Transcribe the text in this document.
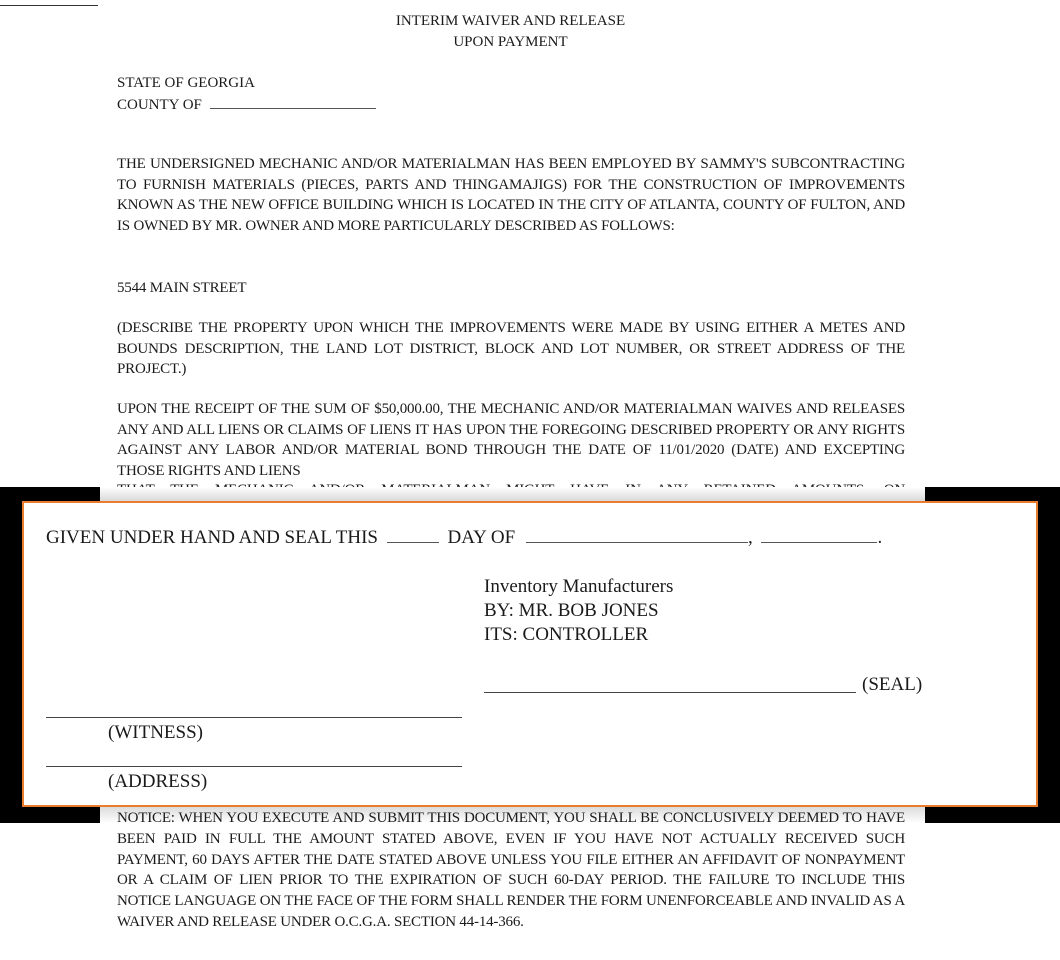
INTERIM WAIVER AND RELEASE
UPON PAYMENT
STATE OF GEORGIA
COUNTY OF
THE UNDERSIGNED MECHANIC AND/OR MATERIALMAN HAS BEEN EMPLOYED BY SAMMY'S SUBCONTRACTING TO FURNISH MATERIALS (PIECES, PARTS AND THINGAMAJIGS) FOR THE CONSTRUCTION OF IMPROVEMENTS KNOWN AS THE NEW OFFICE BUILDING WHICH IS LOCATED IN THE CITY OF ATLANTA, COUNTY OF FULTON, AND IS OWNED BY MR. OWNER AND MORE PARTICULARLY DESCRIBED AS FOLLOWS:
5544 MAIN STREET
(DESCRIBE THE PROPERTY UPON WHICH THE IMPROVEMENTS WERE MADE BY USING EITHER A METES AND BOUNDS DESCRIPTION, THE LAND LOT DISTRICT, BLOCK AND LOT NUMBER, OR STREET ADDRESS OF THE PROJECT.)
UPON THE RECEIPT OF THE SUM OF $50,000.00, THE MECHANIC AND/OR MATERIALMAN WAIVES AND RELEASES ANY AND ALL LIENS OR CLAIMS OF LIENS IT HAS UPON THE FOREGOING DESCRIBED PROPERTY OR ANY RIGHTS AGAINST ANY LABOR AND/OR MATERIAL BOND THROUGH THE DATE OF 11/01/2020 (DATE) AND EXCEPTING THOSE RIGHTS AND LIENS
GIVEN UNDER HAND AND SEAL THIS	DAY OF	,	.
Inventory Manufacturers
BY: MR. BOB JONES
ITS: CONTROLLER
(SEAL)
(WITNESS)
(ADDRESS)
NOTICE: WHEN YOU EXECUTE AND SUBMIT THIS DOCUMENT, YOU SHALL BE CONCLUSIVELY DEEMED TO HAVE BEEN PAID IN FULL THE AMOUNT STATED ABOVE, EVEN IF YOU HAVE NOT ACTUALLY RECEIVED SUCH PAYMENT, 60 DAYS AFTER THE DATE STATED ABOVE UNLESS YOU FILE EITHER AN AFFIDAVIT OF NONPAYMENT OR A CLAIM OF LIEN PRIOR TO THE EXPIRATION OF SUCH 60-DAY PERIOD. THE FAILURE TO INCLUDE THIS NOTICE LANGUAGE ON THE FACE OF THE FORM SHALL RENDER THE FORM UNENFORCEABLE AND INVALID AS A WAIVER AND RELEASE UNDER O.C.G.A. SECTION 44-14-366.
